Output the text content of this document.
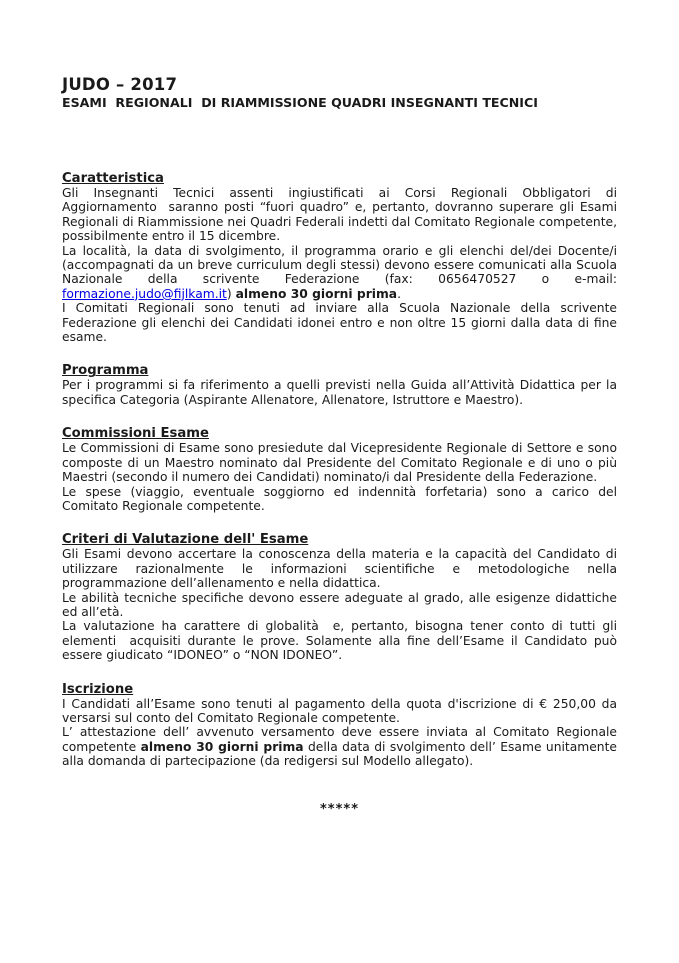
JUDO – 2017
ESAMI  REGIONALI  DI RIAMMISSIONE QUADRI INSEGNANTI TECNICI
Caratteristica

Gli Insegnanti Tecnici assenti ingiustificati ai Corsi Regionali Obbligatori di Aggiornamento  saranno posti “fuori quadro” e, pertanto, dovranno superare gli Esami Regionali di Riammissione nei Quadri Federali indetti dal Comitato Regionale competente, possibilmente entro il 15 dicembre.

La località, la data di svolgimento, il programma orario e gli elenchi del/dei Docente/i (accompagnati da un breve curriculum degli stessi) devono essere comunicati alla Scuola Nazionale della scrivente Federazione (fax: 0656470527 o e-mail: formazione.judo@fijlkam.it) almeno 30 giorni prima.

I Comitati Regionali sono tenuti ad inviare alla Scuola Nazionale della scrivente Federazione gli elenchi dei Candidati idonei entro e non oltre 15 giorni dalla data di fine esame.

Programma

Per i programmi si fa riferimento a quelli previsti nella Guida all’Attività Didattica per la specifica Categoria (Aspirante Allenatore, Allenatore, Istruttore e Maestro).

Commissioni Esame

Le Commissioni di Esame sono presiedute dal Vicepresidente Regionale di Settore e sono composte di un Maestro nominato dal Presidente del Comitato Regionale e di uno o più Maestri (secondo il numero dei Candidati) nominato/i dal Presidente della Federazione.

Le spese (viaggio, eventuale soggiorno ed indennità forfetaria) sono a carico del Comitato Regionale competente.

Criteri di Valutazione dell' Esame

Gli Esami devono accertare la conoscenza della materia e la capacità del Candidato di utilizzare razionalmente le informazioni scientifiche e metodologiche nella programmazione dell’allenamento e nella didattica.

Le abilità tecniche specifiche devono essere adeguate al grado, alle esigenze didattiche ed all’età.

La valutazione ha carattere di globalità  e, pertanto, bisogna tener conto di tutti gli elementi  acquisiti durante le prove. Solamente alla fine dell’Esame il Candidato può essere giudicato “IDONEO” o “NON IDONEO”.

Iscrizione

I Candidati all’Esame sono tenuti al pagamento della quota d'iscrizione di € 250,00 da versarsi sul conto del Comitato Regionale competente.

L’ attestazione dell’ avvenuto versamento deve essere inviata al Comitato Regionale competente almeno 30 giorni prima della data di svolgimento dell’ Esame unitamente alla domanda di partecipazione (da redigersi sul Modello allegato).

*****
